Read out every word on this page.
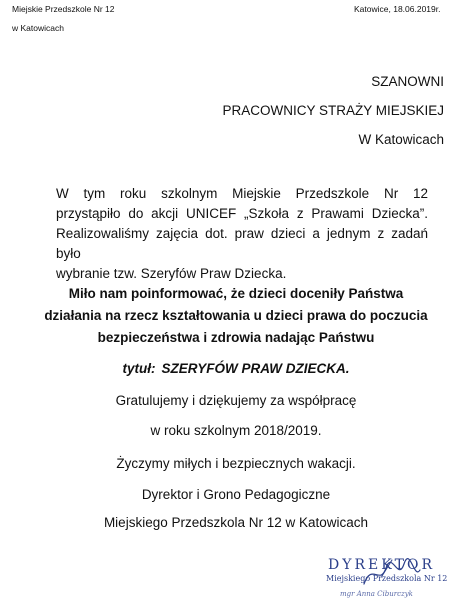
Miejskie Przedszkole Nr 12
w Katowicach
Katowice, 18.06.2019r.
SZANOWNI
PRACOWNICY STRAŻY MIEJSKIEJ
W Katowicach
W tym roku szkolnym Miejskie Przedszkole Nr 12
przystąpiło do akcji UNICEF „Szkoła z Prawami Dziecka”.
Realizowaliśmy zajęcia dot. praw dzieci a jednym z zadań było
wybranie tzw. Szeryfów Praw Dziecka.
Miło nam poinformować, że dzieci doceniły Państwa
działania na rzecz kształtowania u dzieci prawa do poczucia
bezpieczeństwa i zdrowia nadając Państwu
tytuł: SZERYFÓW PRAW DZIECKA.
Gratulujemy i dziękujemy za współpracę
w roku szkolnym 2018/2019.
Życzymy miłych i bezpiecznych wakacji.
Dyrektor i Grono Pedagogiczne
Miejskiego Przedszkola Nr 12 w Katowicach
DYREKTOR
Miejskiego Przedszkola Nr 12
mgr Anna Ciburczyk
